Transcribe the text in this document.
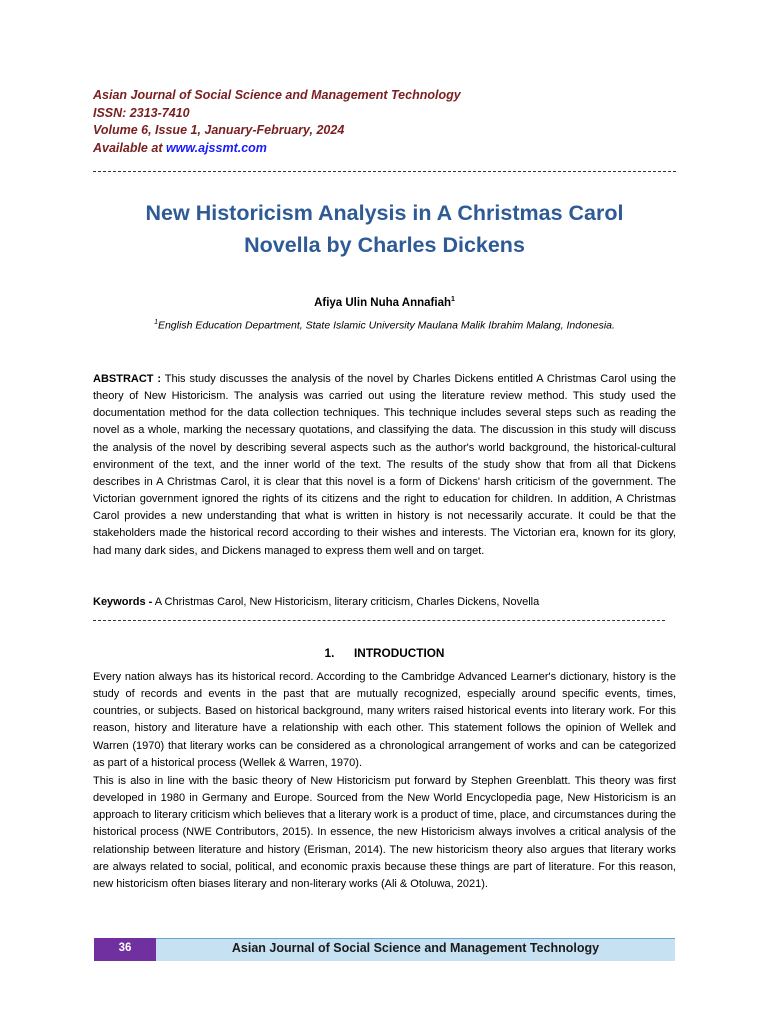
Asian Journal of Social Science and Management Technology
ISSN: 2313-7410
Volume 6, Issue 1, January-February, 2024
Available at www.ajssmt.com
New Historicism Analysis in A Christmas Carol
Novella by Charles Dickens
Afiya Ulin Nuha Annafiah$^1$
$^1$English Education Department, State Islamic University Maulana Malik Ibrahim Malang, Indonesia.
ABSTRACT : This study discusses the analysis of the novel by Charles Dickens entitled A Christmas Carol using the theory of New Historicism. The analysis was carried out using the literature review method. This study used the documentation method for the data collection techniques. This technique includes several steps such as reading the novel as a whole, marking the necessary quotations, and classifying the data. The discussion in this study will discuss the analysis of the novel by describing several aspects such as the author's world background, the historical-cultural environment of the text, and the inner world of the text. The results of the study show that from all that Dickens describes in A Christmas Carol, it is clear that this novel is a form of Dickens' harsh criticism of the government. The Victorian government ignored the rights of its citizens and the right to education for children. In addition, A Christmas Carol provides a new understanding that what is written in history is not necessarily accurate. It could be that the stakeholders made the historical record according to their wishes and interests. The Victorian era, known for its glory, had many dark sides, and Dickens managed to express them well and on target.
Keywords - A Christmas Carol, New Historicism, literary criticism, Charles Dickens, Novella
1.      INTRODUCTION
Every nation always has its historical record. According to the Cambridge Advanced Learner's dictionary, history is the study of records and events in the past that are mutually recognized, especially around specific events, times, countries, or subjects. Based on historical background, many writers raised historical events into literary work. For this reason, history and literature have a relationship with each other. This statement follows the opinion of Wellek and Warren (1970) that literary works can be considered as a chronological arrangement of works and can be categorized as part of a historical process (Wellek & Warren, 1970).
This is also in line with the basic theory of New Historicism put forward by Stephen Greenblatt. This theory was first developed in 1980 in Germany and Europe. Sourced from the New World Encyclopedia page, New Historicism is an approach to literary criticism which believes that a literary work is a product of time, place, and circumstances during the historical process (NWE Contributors, 2015). In essence, the new Historicism always involves a critical analysis of the relationship between literature and history (Erisman, 2014). The new historicism theory also argues that literary works are always related to social, political, and economic praxis because these things are part of literature. For this reason, new historicism often biases literary and non-literary works (Ali & Otoluwa, 2021).
36	Asian Journal of Social Science and Management Technology
